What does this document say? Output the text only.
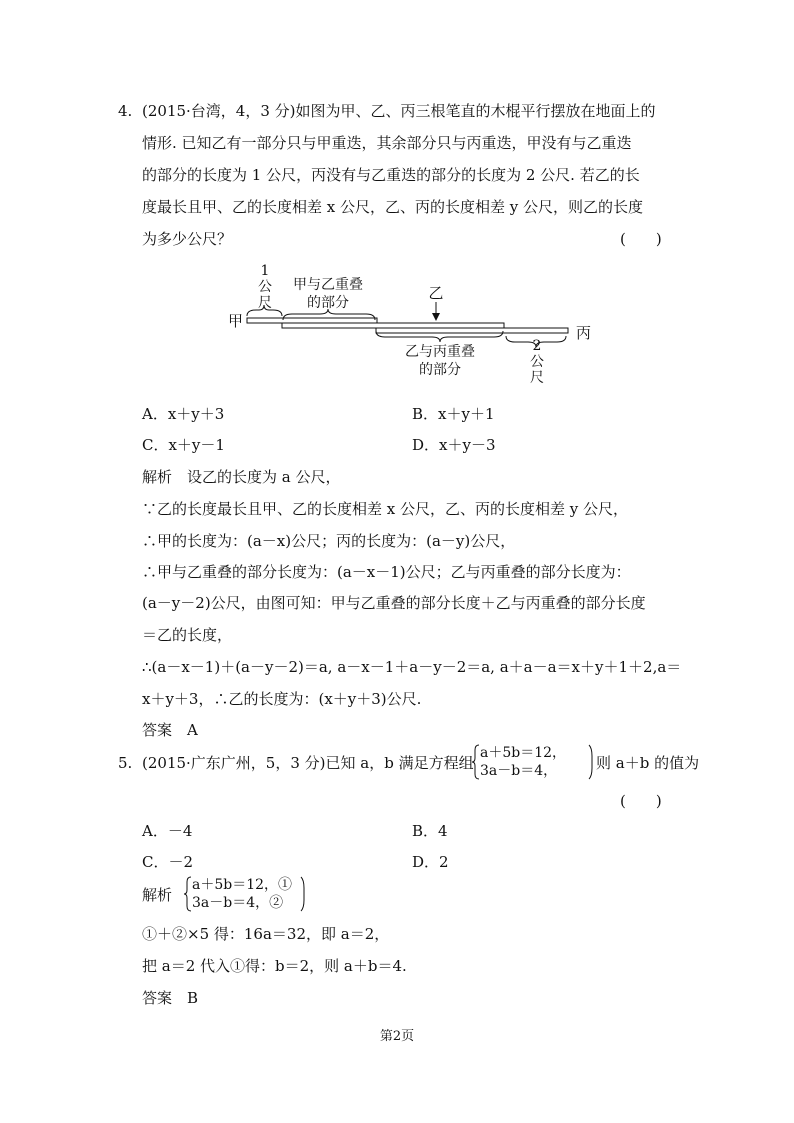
4. (2015·台湾，4，3 分)如图为甲、乙、丙三根笔直的木棍平行摆放在地面上的
情形. 已知乙有一部分只与甲重迭，其余部分只与丙重迭，甲没有与乙重迭
的部分的长度为 1 公尺，丙没有与乙重迭的部分的长度为 2 公尺. 若乙的长
度最长且甲、乙的长度相差 x 公尺，乙、丙的长度相差 y 公尺，则乙的长度
为多少公尺？	(　　)
甲
1
公
尺
甲与乙重叠
的部分
乙
丙
乙与丙重叠
的部分
2
公
尺
A．x＋y＋3	B．x＋y＋1
C．x＋y－1	D．x＋y－3
解析　设乙的长度为 a 公尺，
∵乙的长度最长且甲、乙的长度相差 x 公尺，乙、丙的长度相差 y 公尺，
∴甲的长度为：(a－x)公尺；丙的长度为：(a－y)公尺，
∴甲与乙重叠的部分长度为：(a－x－1)公尺；乙与丙重叠的部分长度为：
(a－y－2)公尺，由图可知：甲与乙重叠的部分长度＋乙与丙重叠的部分长度
＝乙的长度，
∴(a－x－1)＋(a－y－2)＝a, a－x－1＋a－y－2＝a, a＋a－a＝x＋y＋1＋2,a＝
x＋y＋3，∴乙的长度为：(x＋y＋3)公尺.
答案　A
5. (2015·广东广州，5，3 分)已知 a，b 满足方程组
a＋5b＝12，
3a－b＝4，	则 a＋b 的值为
(　　)
A．－4	B．4
C．－2	D．2
解析
a＋5b＝12，①
3a－b＝4，②
①＋②×5 得：16a＝32，即 a＝2，
把 a＝2 代入①得：b＝2，则 a＋b＝4.
答案　B
第2页
